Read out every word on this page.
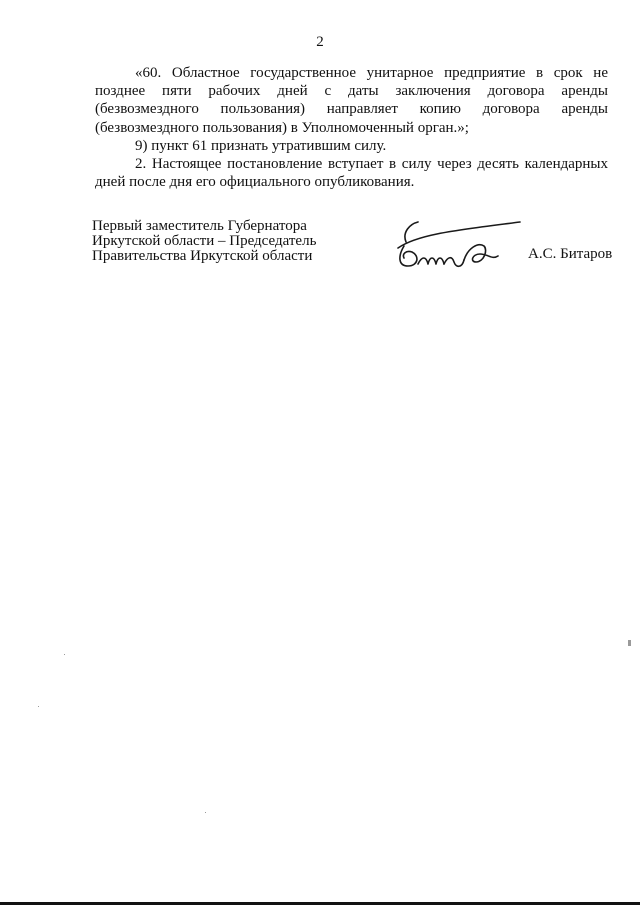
2

«60. Областное государственное унитарное предприятие в срок не позднее пяти рабочих дней с даты заключения договора аренды (безвозмездного пользования) направляет копию договора аренды (безвозмездного пользования) в Уполномоченный орган.»;

9) пункт 61 признать утратившим силу.

2. Настоящее постановление вступает в силу через десять календарных дней после дня его официального опубликования.

Первый заместитель Губернатора
Иркутской области – Председатель
Правительства Иркутской области	А.С. Битаров
